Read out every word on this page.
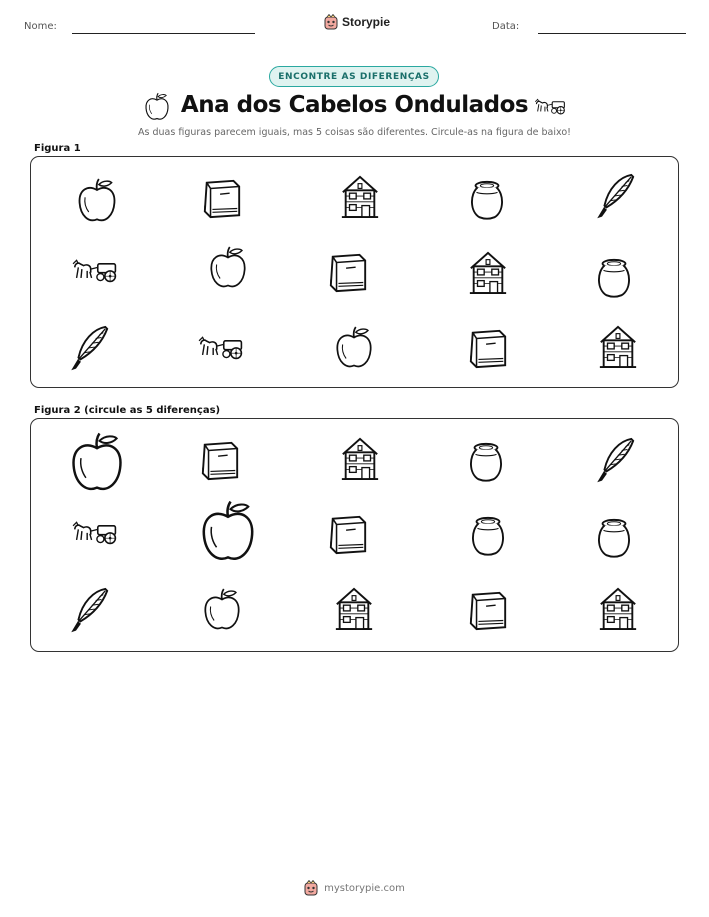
Nome:	Storypie	Data:
ENCONTRE AS DIFERENÇAS
Ana dos Cabelos Ondulados
As duas figuras parecem iguais, mas 5 coisas são diferentes. Circule-as na figura de baixo!
Figura 1
Figura 2 (circule as 5 diferenças)
mystorypie.com
